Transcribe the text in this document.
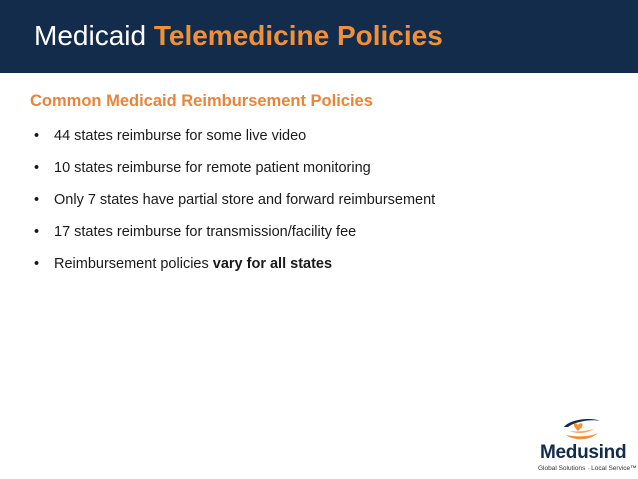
Medicaid Telemedicine Policies
Common Medicaid Reimbursement Policies
• 44 states reimburse for some live video
• 10 states reimburse for remote patient monitoring
• Only 7 states have partial store and forward reimbursement
• 17 states reimburse for transmission/facility fee
• Reimbursement policies vary for all states
Medusind
Global Solutions · Local Service™
